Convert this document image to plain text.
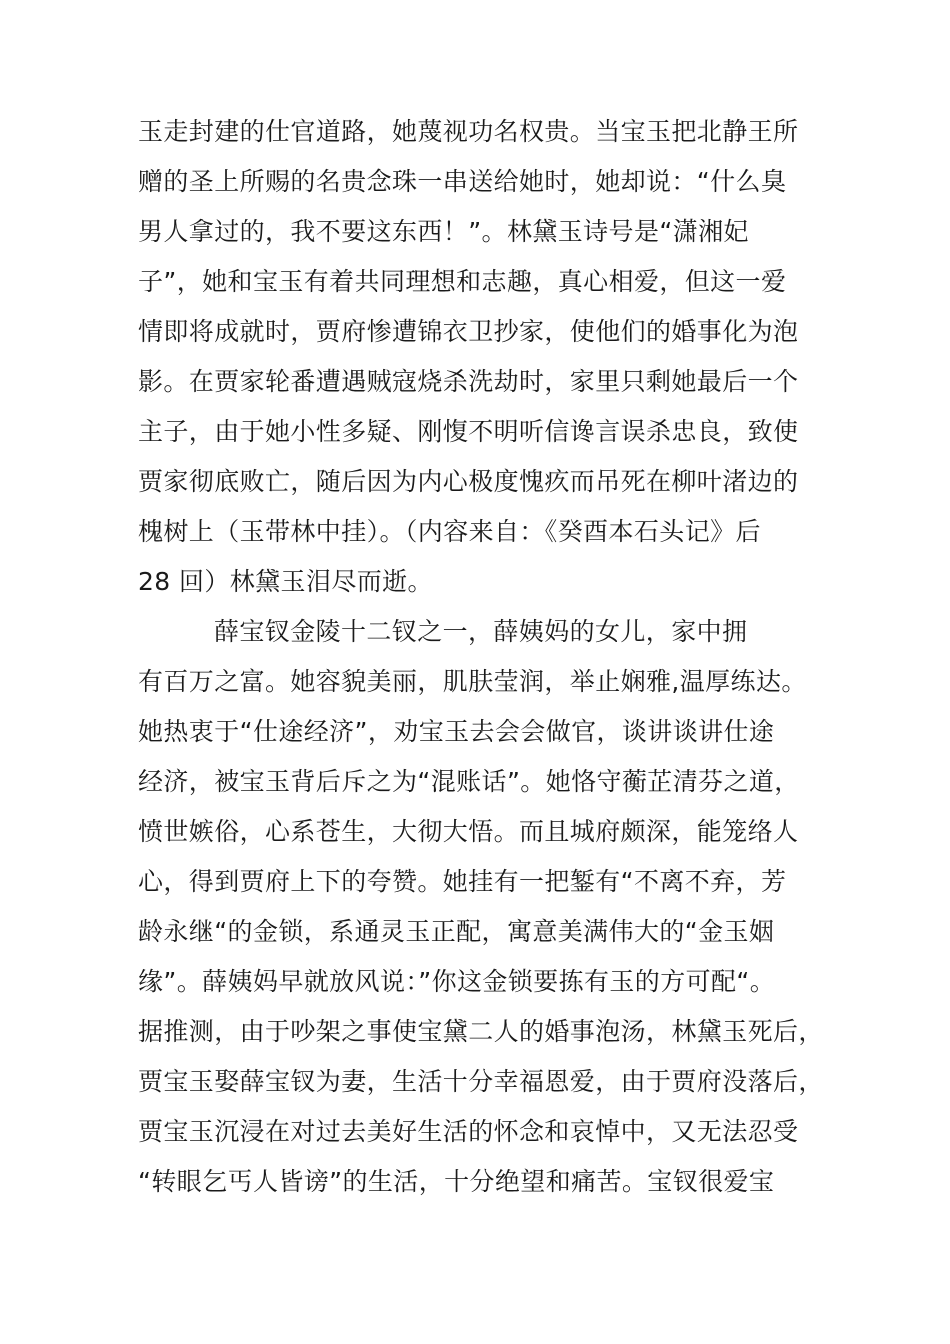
玉走封建的仕官道路，她蔑视功名权贵。当宝玉把北静王所
赠的圣上所赐的名贵念珠一串送给她时，她却说：“什么臭
男人拿过的，我不要这东西！”。林黛玉诗号是“潇湘妃
子”，她和宝玉有着共同理想和志趣，真心相爱，但这一爱
情即将成就时，贾府惨遭锦衣卫抄家，使他们的婚事化为泡
影。在贾家轮番遭遇贼寇烧杀洗劫时，家里只剩她最后一个
主子，由于她小性多疑、刚愎不明听信谗言误杀忠良，致使
贾家彻底败亡，随后因为内心极度愧疚而吊死在柳叶渚边的
槐树上（玉带林中挂）。（内容来自：《癸酉本石头记》后
28 回）林黛玉泪尽而逝。
薛宝钗金陵十二钗之一，薛姨妈的女儿，家中拥
有百万之富。她容貌美丽，肌肤莹润，举止娴雅,温厚练达。
她热衷于“仕途经济”，劝宝玉去会会做官，谈讲谈讲仕途
经济，被宝玉背后斥之为“混账话”。她恪守蘅芷清芬之道，
愤世嫉俗，心系苍生，大彻大悟。而且城府颇深，能笼络人
心，得到贾府上下的夸赞。她挂有一把錾有“不离不弃，芳
龄永继“的金锁，系通灵玉正配，寓意美满伟大的“金玉姻
缘”。薛姨妈早就放风说：”你这金锁要拣有玉的方可配“。
据推测，由于吵架之事使宝黛二人的婚事泡汤，林黛玉死后，
贾宝玉娶薛宝钗为妻，生活十分幸福恩爱，由于贾府没落后，
贾宝玉沉浸在对过去美好生活的怀念和哀悼中，又无法忍受
“转眼乞丐人皆谤”的生活，十分绝望和痛苦。宝钗很爱宝
